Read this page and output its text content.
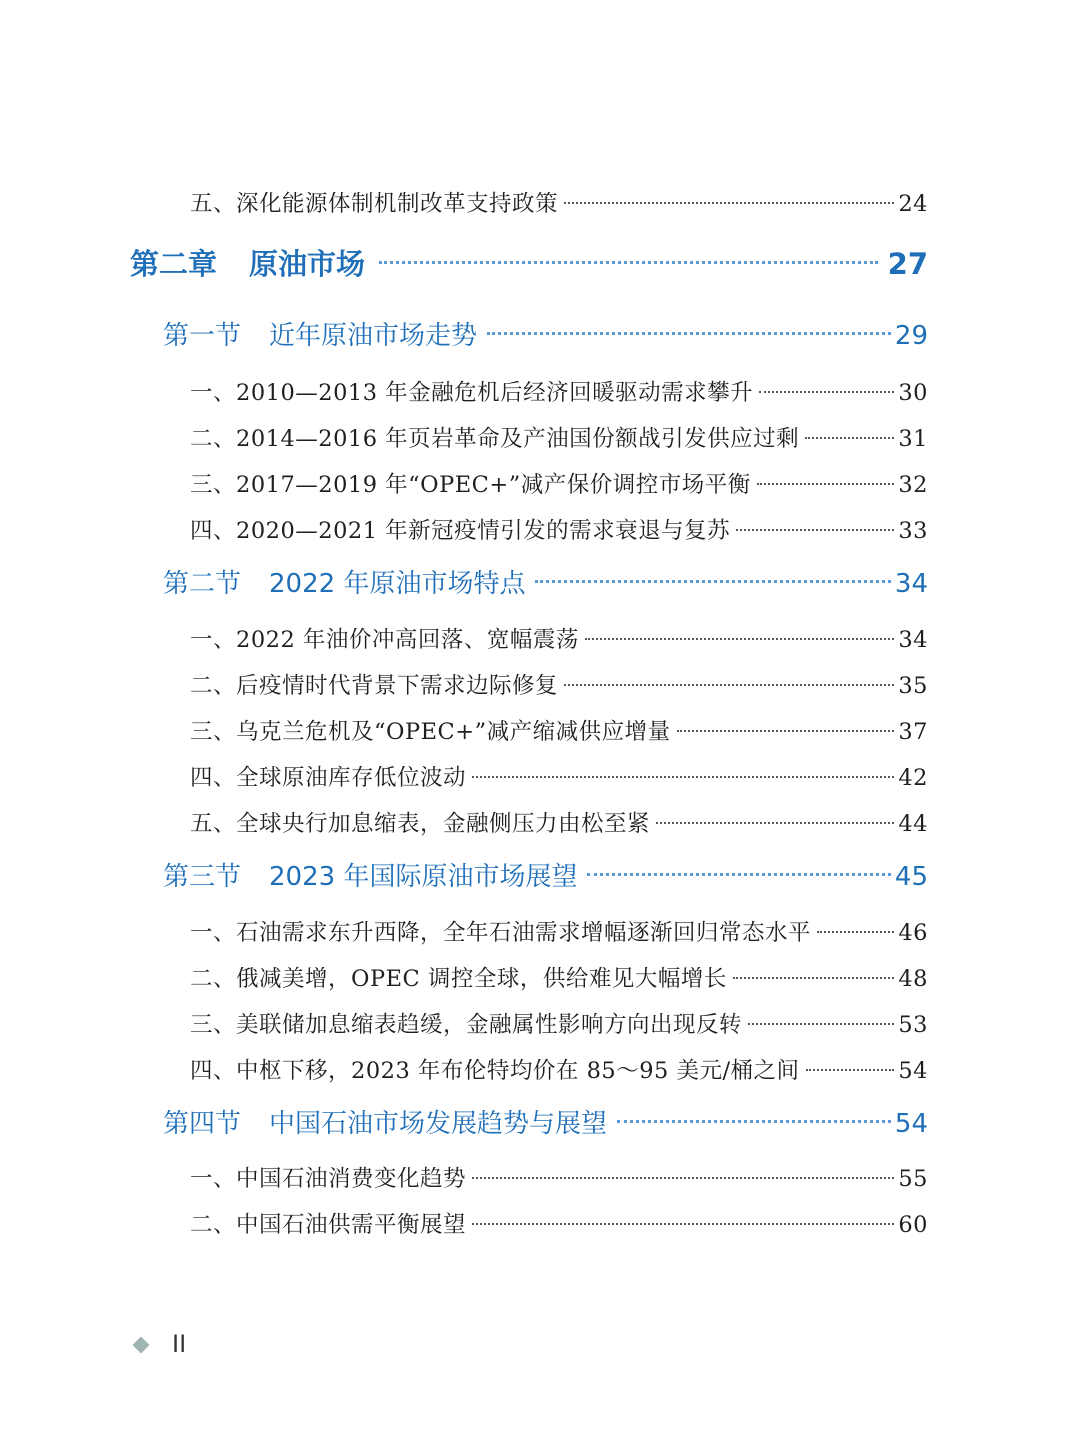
五、深化能源体制机制改革支持政策	24
第二章 原油市场	27
第一节 近年原油市场走势	29
一、2010—2013 年金融危机后经济回暖驱动需求攀升	30
二、2014—2016 年页岩革命及产油国份额战引发供应过剩	31
三、2017—2019 年“OPEC+”减产保价调控市场平衡	32
四、2020—2021 年新冠疫情引发的需求衰退与复苏	33
第二节 2022 年原油市场特点	34
一、2022 年油价冲高回落、宽幅震荡	34
二、后疫情时代背景下需求边际修复	35
三、乌克兰危机及“OPEC+”减产缩减供应增量	37
四、全球原油库存低位波动	42
五、全球央行加息缩表，金融侧压力由松至紧	44
第三节 2023 年国际原油市场展望	45
一、石油需求东升西降，全年石油需求增幅逐渐回归常态水平	46
二、俄减美增，OPEC 调控全球，供给难见大幅增长	48
三、美联储加息缩表趋缓，金融属性影响方向出现反转	53
四、中枢下移，2023 年布伦特均价在 85～95 美元/桶之间	54
第四节 中国石油市场发展趋势与展望	54
一、中国石油消费变化趋势	55
二、中国石油供需平衡展望	60
II
